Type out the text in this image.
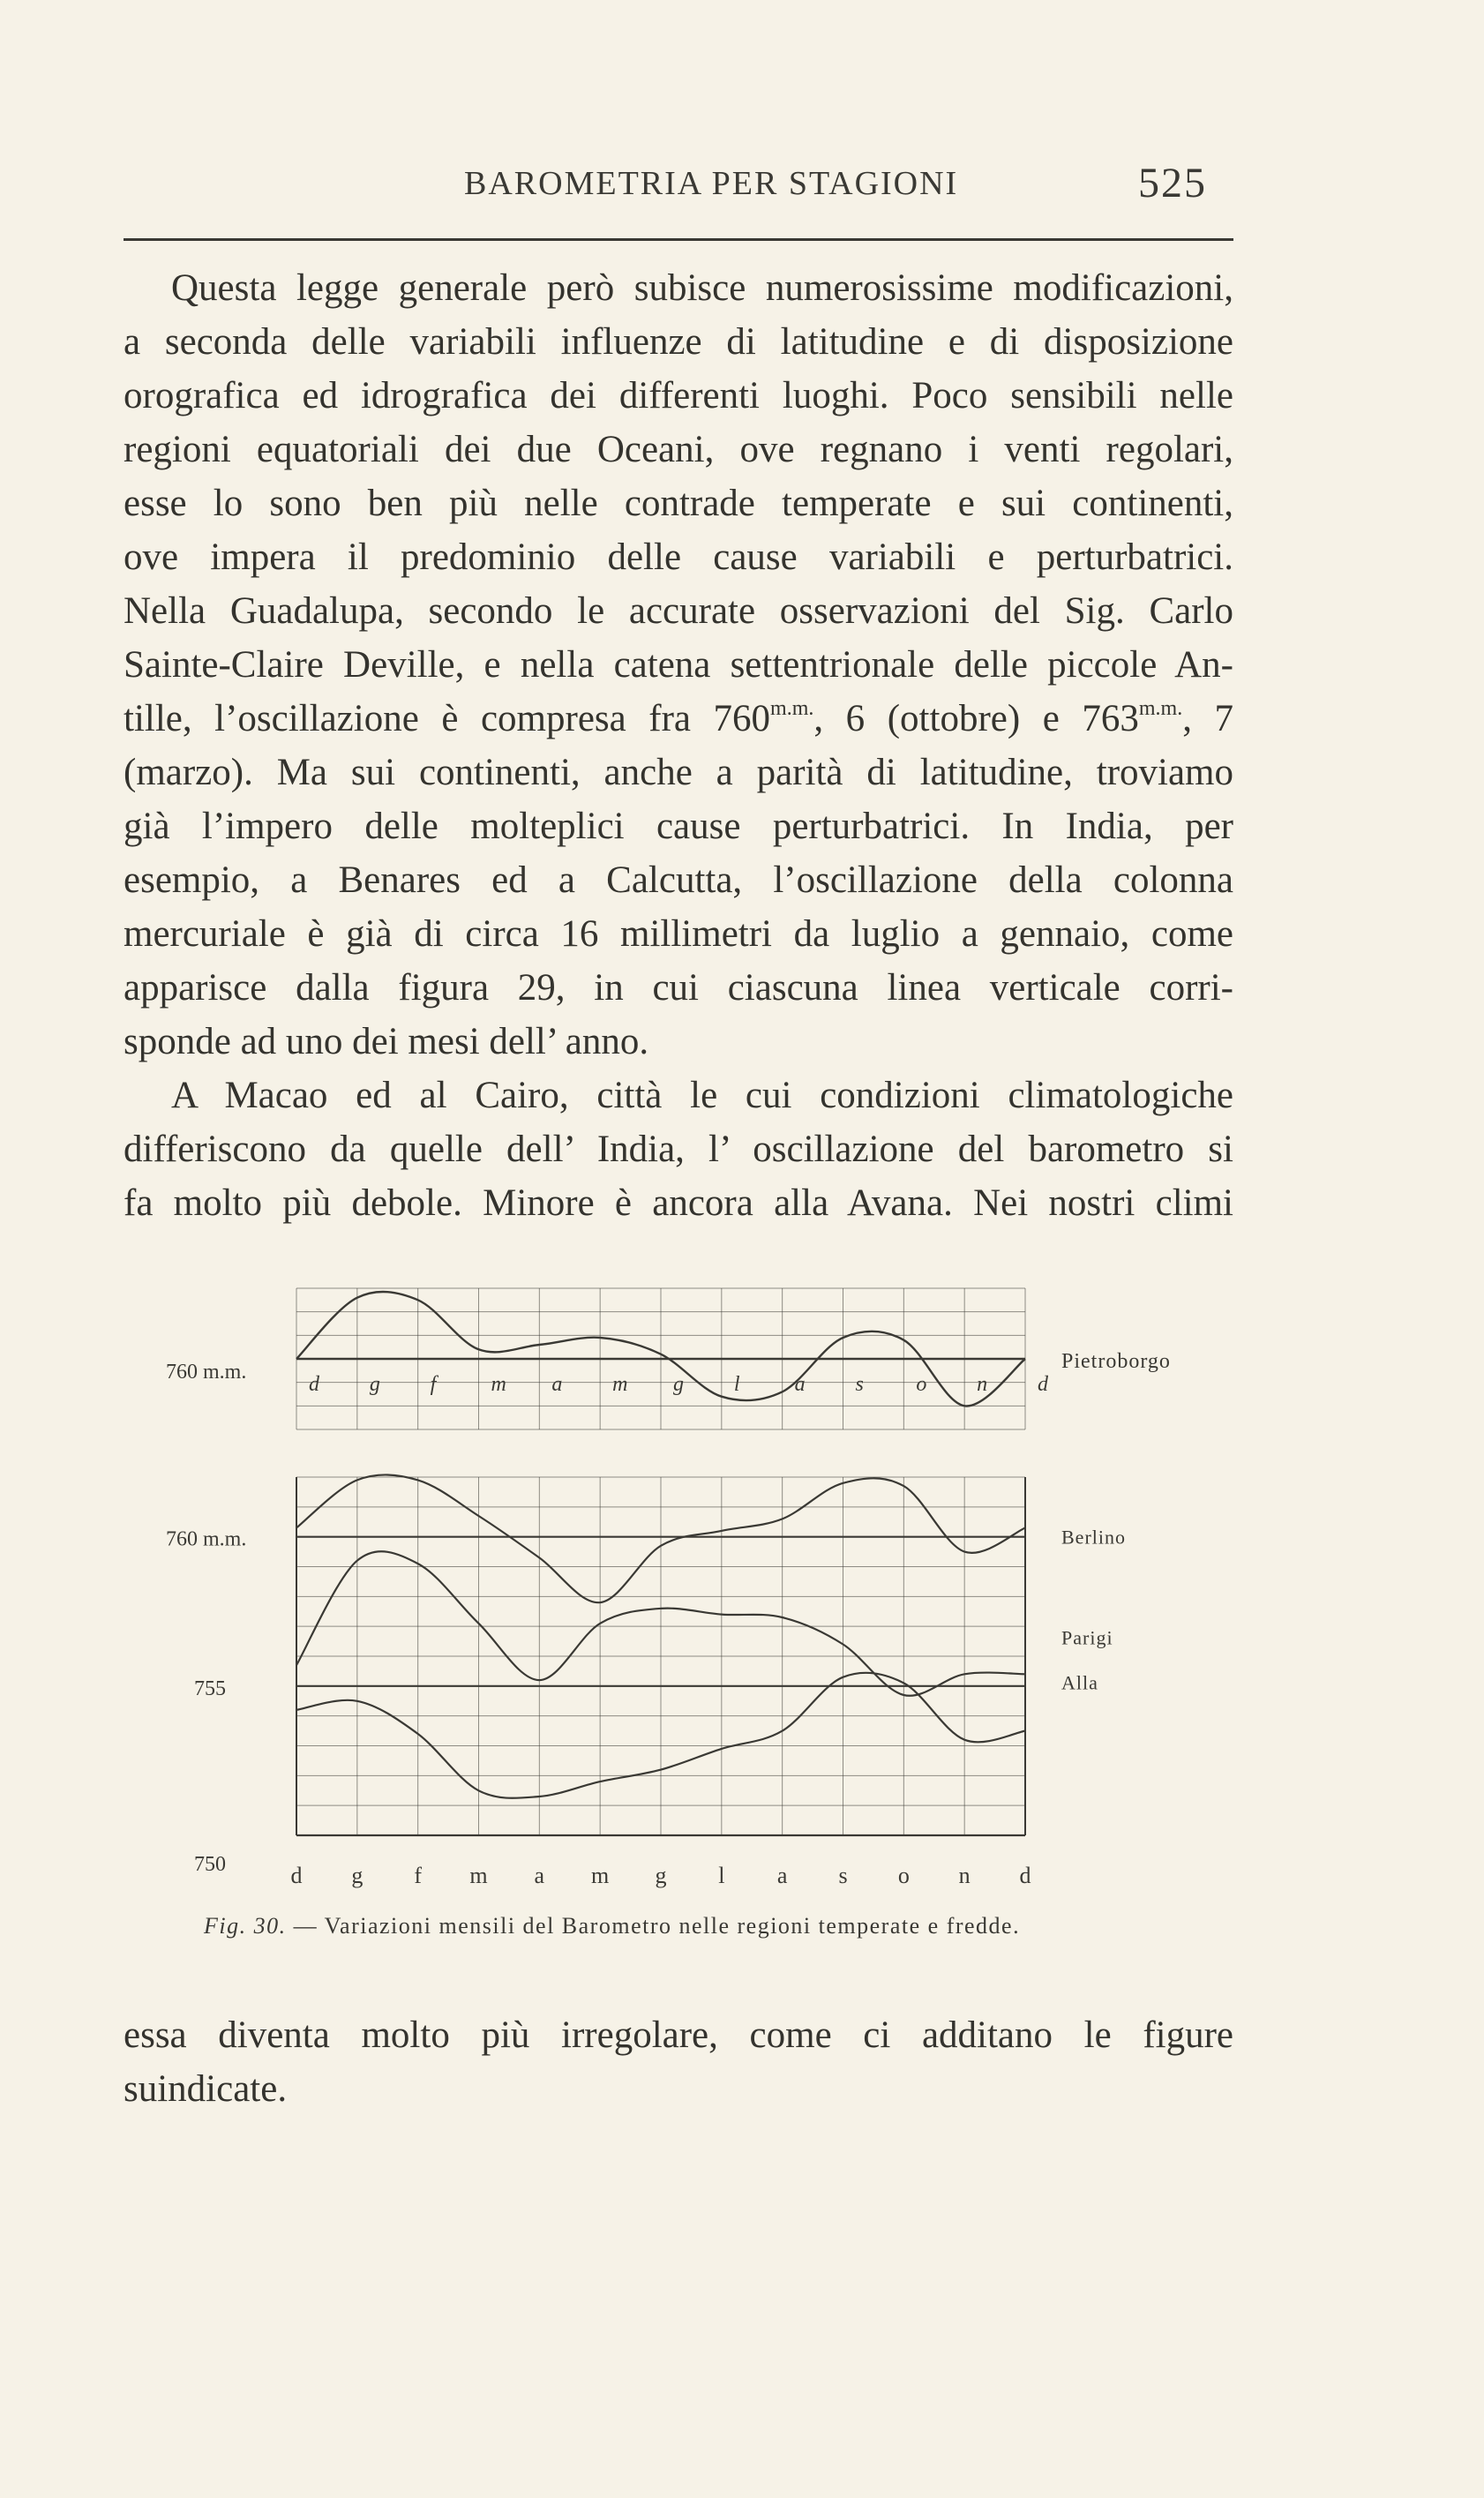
BAROMETRIA PER STAGIONI	525
Questa legge generale però subisce numerosissime modificazioni,
a seconda delle variabili influenze di latitudine e di disposizione
orografica ed idrografica dei differenti luoghi. Poco sensibili nelle
regioni equatoriali dei due Oceani, ove regnano i venti regolari,
esse lo sono ben più nelle contrade temperate e sui continenti,
ove impera il predominio delle cause variabili e perturbatrici.
Nella Guadalupa, secondo le accurate osservazioni del Sig. Carlo
Sainte-Claire Deville, e nella catena settentrionale delle piccole An-
tille, l’oscillazione è compresa fra $760^{m.m.}$, 6 (ottobre) e $763^{m.m.}$, 7
(marzo). Ma sui continenti, anche a parità di latitudine, troviamo
già l’impero delle molteplici cause perturbatrici. In India, per
esempio, a Benares ed a Calcutta, l’oscillazione della colonna
mercuriale è già di circa 16 millimetri da luglio a gennaio, come
apparisce dalla figura 29, in cui ciascuna linea verticale corri-
sponde ad uno dei mesi dell’ anno.
A Macao ed al Cairo, città le cui condizioni climatologiche
differiscono da quelle dell’ India, l’ oscillazione del barometro si
fa molto più debole. Minore è ancora alla Avana. Nei nostri climi
d g f	m a m g l	a s o n d
760 m.m.	Pietroborgo
760 m.m.
755
750	d g f m a m g l a s o n d
Berlino
Parigi
Alla
Fig. 30. — Variazioni mensili del Barometro nelle regioni temperate e fredde.
essa diventa molto più irregolare, come ci additano le figure
suindicate.
